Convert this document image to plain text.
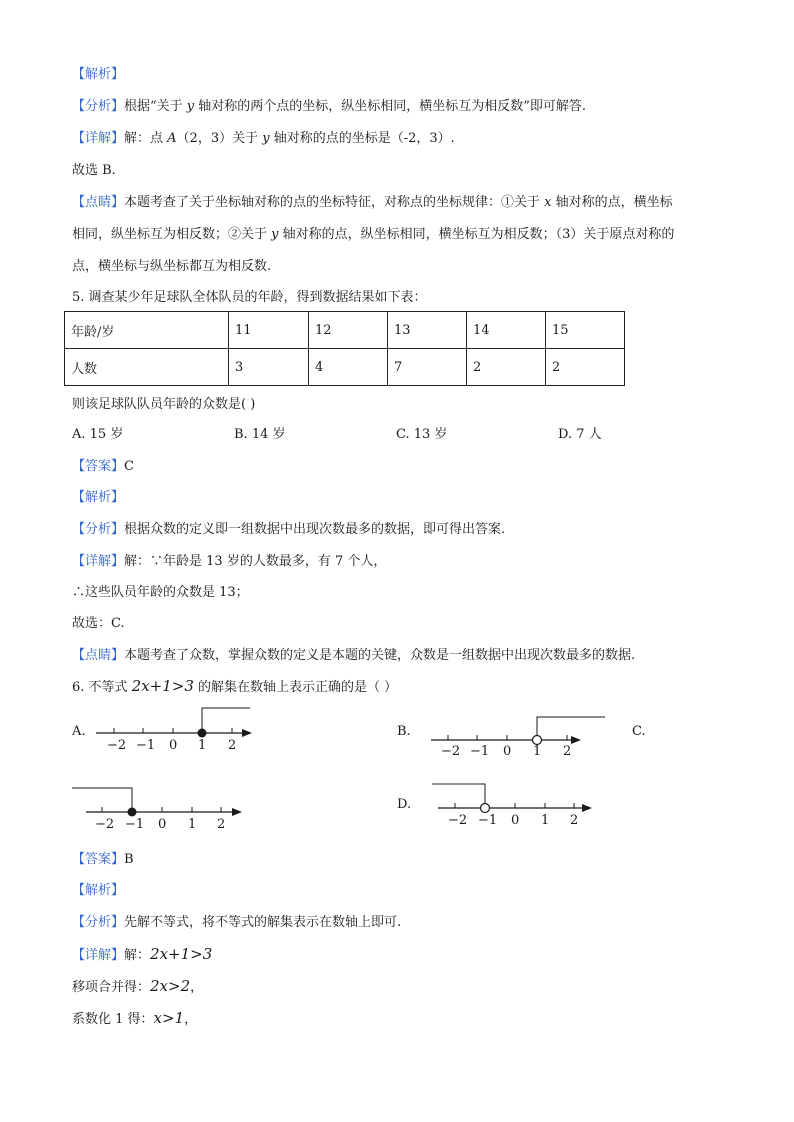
【解析】
【分析】根据“关于 y 轴对称的两个点的坐标，纵坐标相同，横坐标互为相反数”即可解答.
【详解】解：点 A（2，3）关于 y 轴对称的点的坐标是（-2，3）.
故选 B.
【点睛】本题考查了关于坐标轴对称的点的坐标特征，对称点的坐标规律：①关于 x 轴对称的点，横坐标
相同，纵坐标互为相反数；②关于 y 轴对称的点，纵坐标相同，横坐标互为相反数；（3）关于原点对称的
点，横坐标与纵坐标都互为相反数.
5. 调查某少年足球队全体队员的年龄，得到数据结果如下表：
年龄/岁	11	12	13	14	15
人数	3	4	7	2	2
则该足球队队员年龄的众数是( )
A. 15 岁	B. 14 岁	C. 13 岁	D. 7 人
【答案】C
【解析】
【分析】根据众数的定义即一组数据中出现次数最多的数据，即可得出答案.
【详解】解：∵年龄是 13 岁的人数最多，有 7 个人，
∴这些队员年龄的众数是 13；
故选：C.
【点睛】本题考查了众数，掌握众数的定义是本题的关键，众数是一组数据中出现次数最多的数据.
6. 不等式 2x+1>3 的解集在数轴上表示正确的是（ ）
A.	B.	C.
D.
−2 −1 0 1 2	−2 −1 0 1 2
−2 −1 0 1 2	−2 −1 0 1 2
【答案】B
【解析】
【分析】先解不等式，将不等式的解集表示在数轴上即可.
【详解】解：2x+1>3
移项合并得：2x>2，
系数化 1 得：x>1，
